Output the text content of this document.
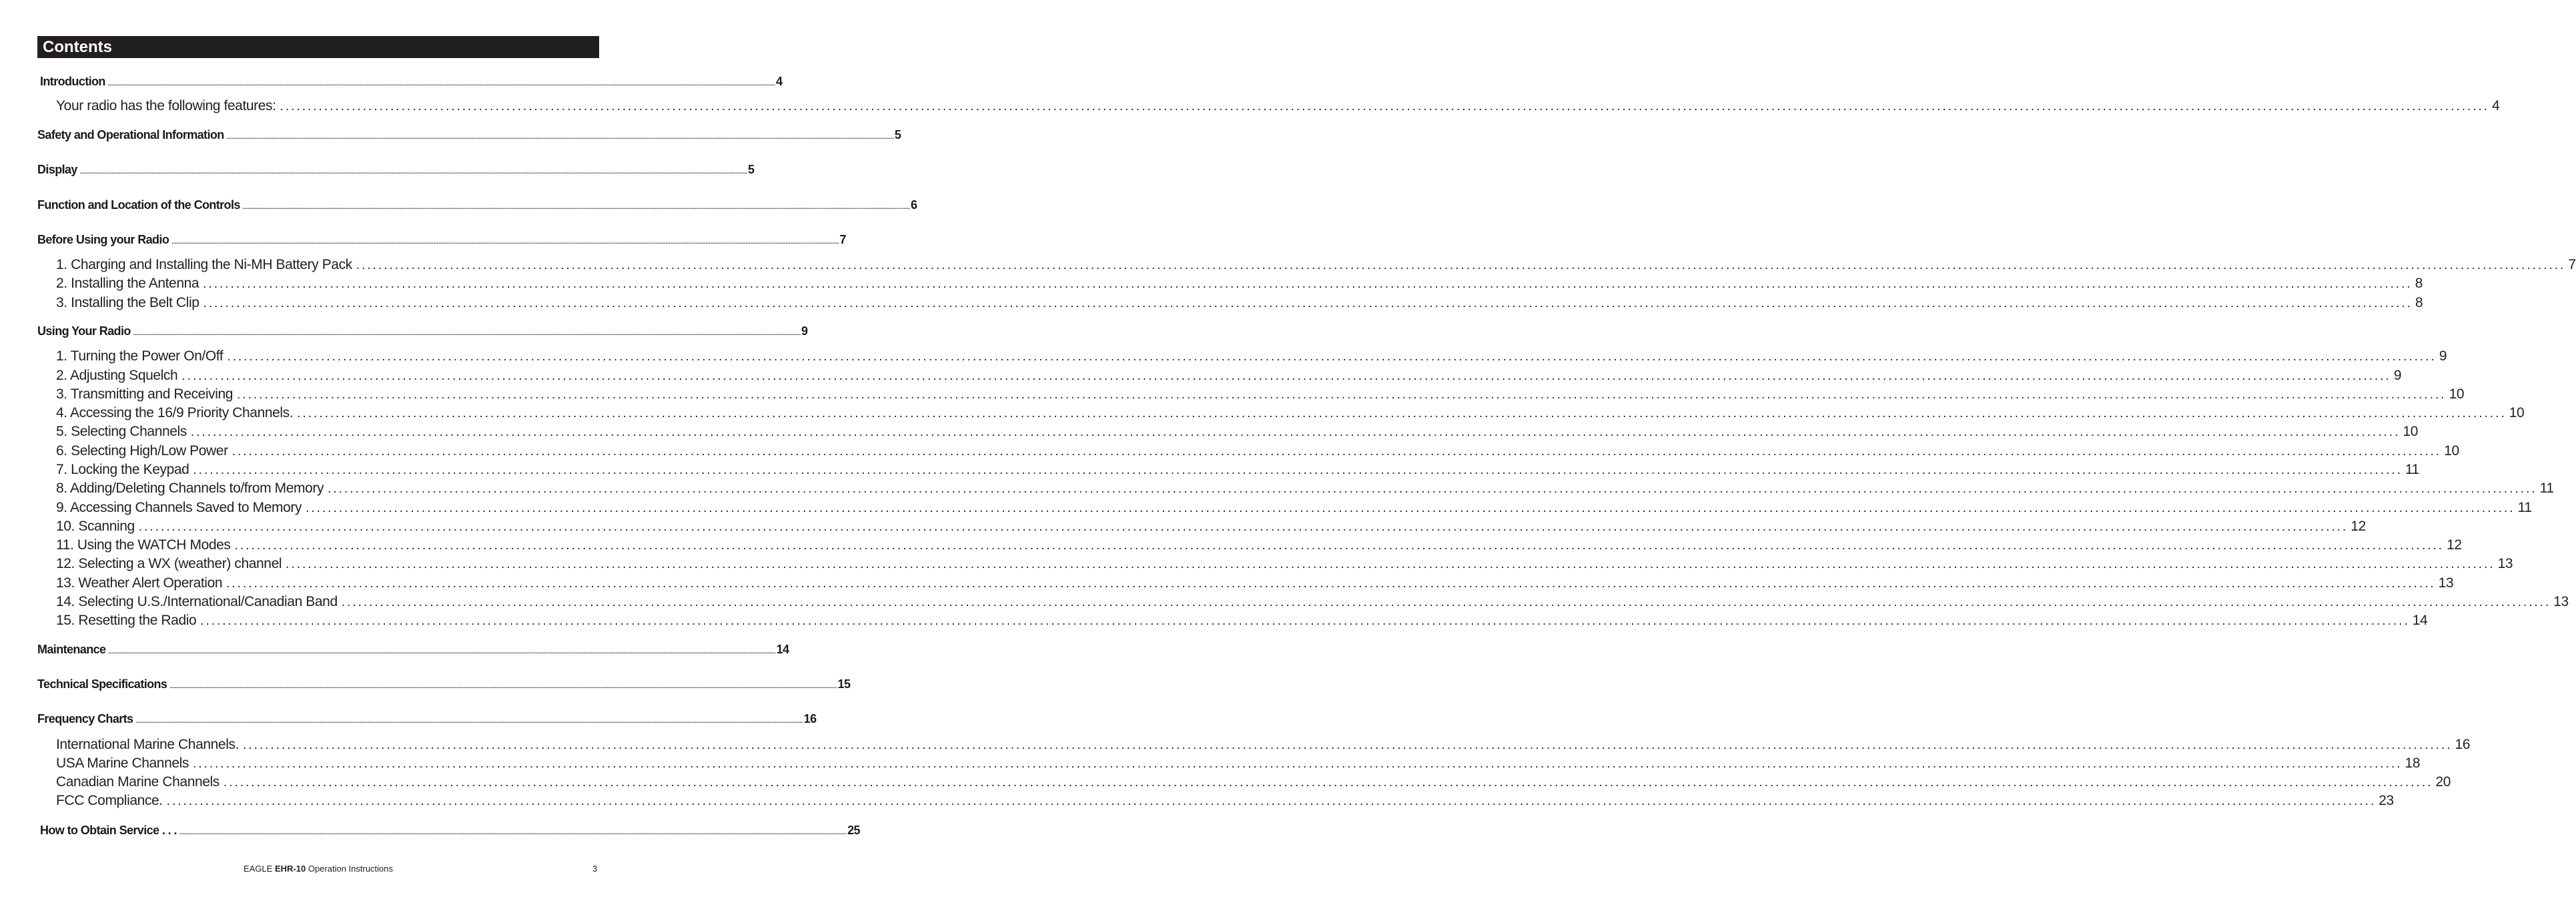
Contents
Introduction ................................................................................................................................................................................................................................................................................................................................................................................................................ 4
Your radio has the following features: ................................................................................................................................................................................................................................................................................................................................................................................................................ 4
Safety and Operational Information ................................................................................................................................................................................................................................................................................................................................................................................................................ 5
Display ................................................................................................................................................................................................................................................................................................................................................................................................................ 5
Function and Location of the Controls ................................................................................................................................................................................................................................................................................................................................................................................................................ 6
Before Using your Radio ................................................................................................................................................................................................................................................................................................................................................................................................................ 7
1. Charging and Installing the Ni-MH Battery Pack ................................................................................................................................................................................................................................................................................................................................................................................................................ 7
2. Installing the Antenna ................................................................................................................................................................................................................................................................................................................................................................................................................ 8
3. Installing the Belt Clip ................................................................................................................................................................................................................................................................................................................................................................................................................ 8
Using Your Radio ................................................................................................................................................................................................................................................................................................................................................................................................................ 9
1. Turning the Power On/Off ................................................................................................................................................................................................................................................................................................................................................................................................................ 9
2. Adjusting Squelch ................................................................................................................................................................................................................................................................................................................................................................................................................ 9
3. Transmitting and Receiving ................................................................................................................................................................................................................................................................................................................................................................................................................ 10
4. Accessing the 16/9 Priority Channels. ................................................................................................................................................................................................................................................................................................................................................................................................................ 10
5. Selecting Channels ................................................................................................................................................................................................................................................................................................................................................................................................................ 10
6. Selecting High/Low Power ................................................................................................................................................................................................................................................................................................................................................................................................................ 10
7. Locking the Keypad ................................................................................................................................................................................................................................................................................................................................................................................................................ 11
8. Adding/Deleting Channels to/from Memory ................................................................................................................................................................................................................................................................................................................................................................................................................ 11
9. Accessing Channels Saved to Memory ................................................................................................................................................................................................................................................................................................................................................................................................................ 11
10. Scanning ................................................................................................................................................................................................................................................................................................................................................................................................................ 12
11. Using the WATCH Modes ................................................................................................................................................................................................................................................................................................................................................................................................................ 12
12. Selecting a WX (weather) channel ................................................................................................................................................................................................................................................................................................................................................................................................................ 13
13. Weather Alert Operation ................................................................................................................................................................................................................................................................................................................................................................................................................ 13
14. Selecting U.S./International/Canadian Band ................................................................................................................................................................................................................................................................................................................................................................................................................ 13
15. Resetting the Radio ................................................................................................................................................................................................................................................................................................................................................................................................................ 14
Maintenance ................................................................................................................................................................................................................................................................................................................................................................................................................ 14
Technical Specifications ................................................................................................................................................................................................................................................................................................................................................................................................................ 15
Frequency Charts ................................................................................................................................................................................................................................................................................................................................................................................................................ 16
International Marine Channels. ................................................................................................................................................................................................................................................................................................................................................................................................................ 16
USA Marine Channels ................................................................................................................................................................................................................................................................................................................................................................................................................ 18
Canadian Marine Channels ................................................................................................................................................................................................................................................................................................................................................................................................................ 20
FCC Compliance. ................................................................................................................................................................................................................................................................................................................................................................................................................ 23
How to Obtain Service . . . ................................................................................................................................................................................................................................................................................................................................................................................................................ 25
EAGLE EHR-10 Operation Instructions	3
